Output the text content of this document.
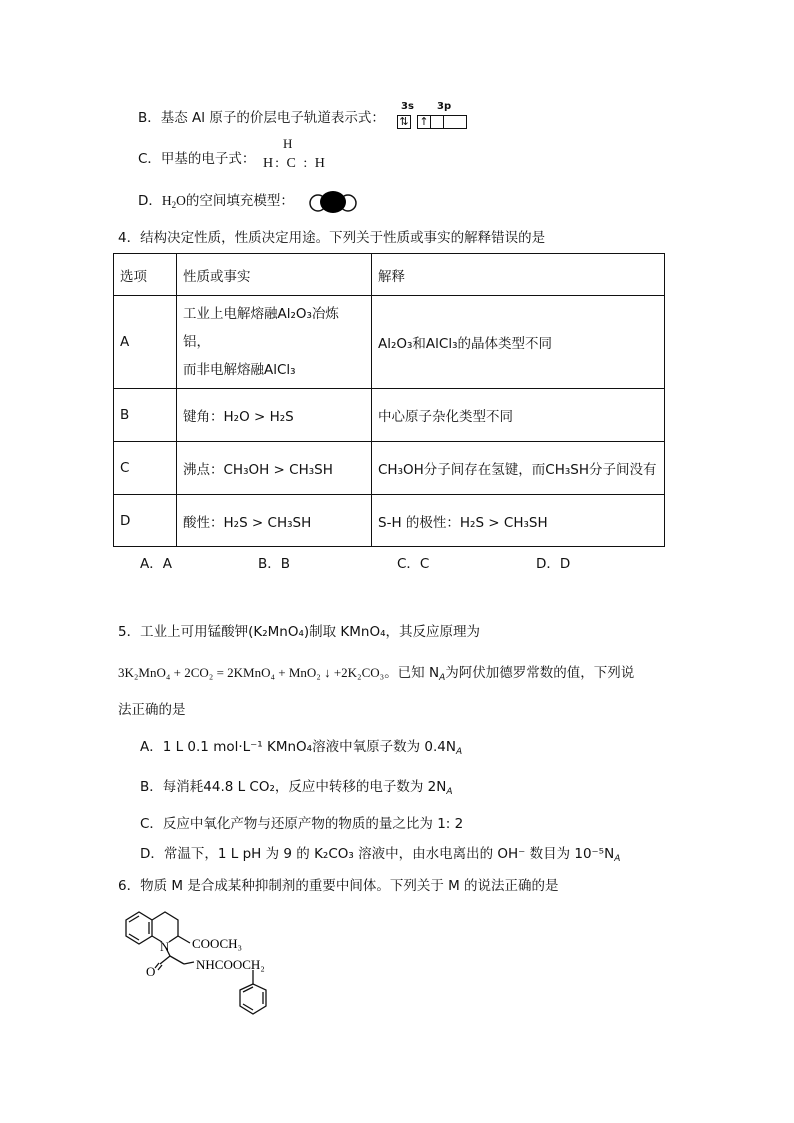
B．基态 Al 原子的价层电子轨道表示式：
3s 3p
⇅ ↑
C．甲基的电子式：
H
H: C : H
D．$H_2O$的空间填充模型：
4．结构决定性质，性质决定用途。下列关于性质或事实的解释错误的是
选项	性质或事实	解释
A	工业上电解熔融Al₂O₃冶炼铝，
而非电解熔融AlCl₃	Al₂O₃和AlCl₃的晶体类型不同
B	键角：H₂O > H₂S	中心原子杂化类型不同
C	沸点：CH₃OH > CH₃SH	CH₃OH分子间存在氢键，而CH₃SH分子间没有
D	酸性：H₂S > CH₃SH	S-H 的极性：H₂S > CH₃SH
A．A	B．B	C．C	D．D
5．工业上可用锰酸钾(K₂MnO₄)制取 KMnO₄，其反应原理为
3K₂MnO₄ + 2CO₂ = 2KMnO₄ + MnO₂ ↓ +2K₂CO₃。已知 $N_A$为阿伏加德罗常数的值，下列说
法正确的是
A．1 L 0.1 mol·L⁻¹ KMnO₄溶液中氧原子数为 $0.4N_A$
B．每消耗44.8 L CO₂，反应中转移的电子数为 $2N_A$
C．反应中氧化产物与还原产物的物质的量之比为 1: 2
D．常温下，1 L pH 为 9 的 K₂CO₃ 溶液中，由水电离出的 OH⁻ 数目为 $10^{-5}N_A$
6．物质 M 是合成某种抑制剂的重要中间体。下列关于 M 的说法正确的是
N
O
COOCH₃
NHCOOCH₂
